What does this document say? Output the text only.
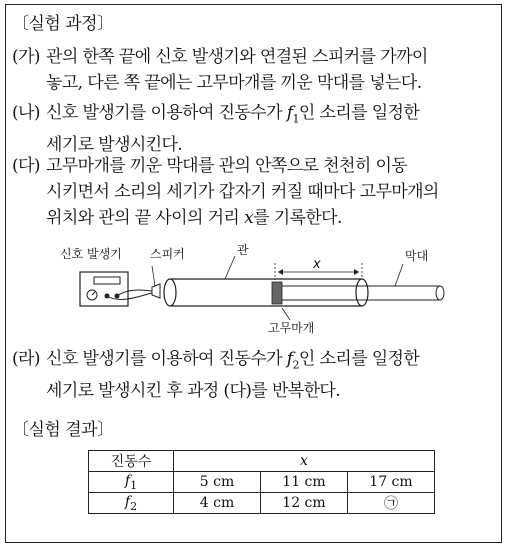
〔실험 과정〕
(가) 관의 한쪽 끝에 신호 발생기와 연결된 스피커를 가까이
놓고, 다른 쪽 끝에는 고무마개를 끼운 막대를 넣는다.
(나) 신호 발생기를 이용하여 진동수가 $f_1$인 소리를 일정한
세기로 발생시킨다.
(다) 고무마개를 끼운 막대를 관의 안쪽으로 천천히 이동
시키면서 소리의 세기가 갑자기 커질 때마다 고무마개의
위치와 관의 끝 사이의 거리 x를 기록한다.
신호 발생기 스피커	관	막대
x
고무마개
(라) 신호 발생기를 이용하여 진동수가 $f_2$인 소리를 일정한
세기로 발생시킨 후 과정 (다)를 반복한다.
〔실험 결과〕
진동수	x		
$f_1$	5 cm	11 cm	17 cm
$f_2$	4 cm	12 cm	㉠
